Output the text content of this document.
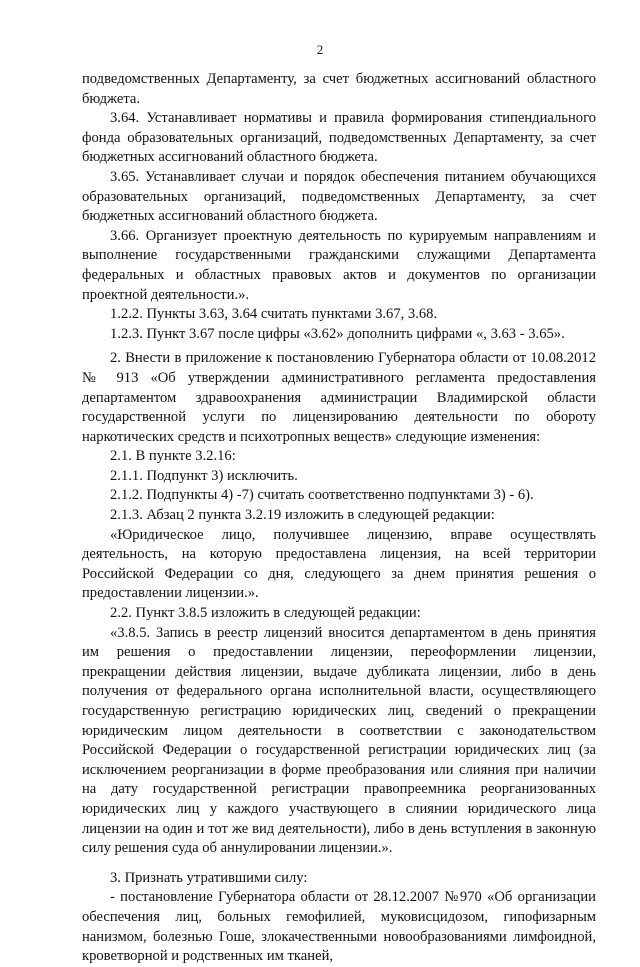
2

подведомственных Департаменту, за счет бюджетных ассигнований областного бюджета.

3.64. Устанавливает нормативы и правила формирования стипендиального фонда образовательных организаций, подведомственных Департаменту, за счет бюджетных ассигнований областного бюджета.

3.65. Устанавливает случаи и порядок обеспечения питанием обучающихся образовательных организаций, подведомственных Департаменту, за счет бюджетных ассигнований областного бюджета.

3.66. Организует проектную деятельность по курируемым направлениям и выполнение государственными гражданскими служащими Департамента федеральных и областных правовых актов и документов по организации проектной деятельности.».

1.2.2. Пункты 3.63, 3.64 считать пунктами 3.67, 3.68.

1.2.3. Пункт 3.67 после цифры «3.62» дополнить цифрами «, 3.63 - 3.65».

2. Внести в приложение к постановлению Губернатора области от 10.08.2012 № 913 «Об утверждении административного регламента предоставления департаментом здравоохранения администрации Владимирской области государственной услуги по лицензированию деятельности по обороту наркотических средств и психотропных веществ» следующие изменения:

2.1. В пункте 3.2.16:

2.1.1. Подпункт 3) исключить.

2.1.2. Подпункты 4) -7) считать соответственно подпунктами 3) - 6).

2.1.3. Абзац 2 пункта 3.2.19 изложить в следующей редакции:

«Юридическое лицо, получившее лицензию, вправе осуществлять деятельность, на которую предоставлена лицензия, на всей территории Российской Федерации со дня, следующего за днем принятия решения о предоставлении лицензии.».

2.2. Пункт 3.8.5 изложить в следующей редакции:

«3.8.5. Запись в реестр лицензий вносится департаментом в день принятия им решения о предоставлении лицензии, переоформлении лицензии, прекращении действия лицензии, выдаче дубликата лицензии, либо в день получения от федерального органа исполнительной власти, осуществляющего государственную регистрацию юридических лиц, сведений о прекращении юридическим лицом деятельности в соответствии с законодательством Российской Федерации о государственной регистрации юридических лиц (за исключением реорганизации в форме преобразования или слияния при наличии на дату государственной регистрации правопреемника реорганизованных юридических лиц у каждого участвующего в слиянии юридического лица лицензии на один и тот же вид деятельности), либо в день вступления в законную силу решения суда об аннулировании лицензии.».

3. Признать утратившими силу:

- постановление Губернатора области от 28.12.2007 №970 «Об организации обеспечения лиц, больных гемофилией, муковисцидозом, гипофизарным нанизмом, болезнью Гоше, злокачественными новообразованиями лимфоидной, кроветворной и родственных им тканей,
